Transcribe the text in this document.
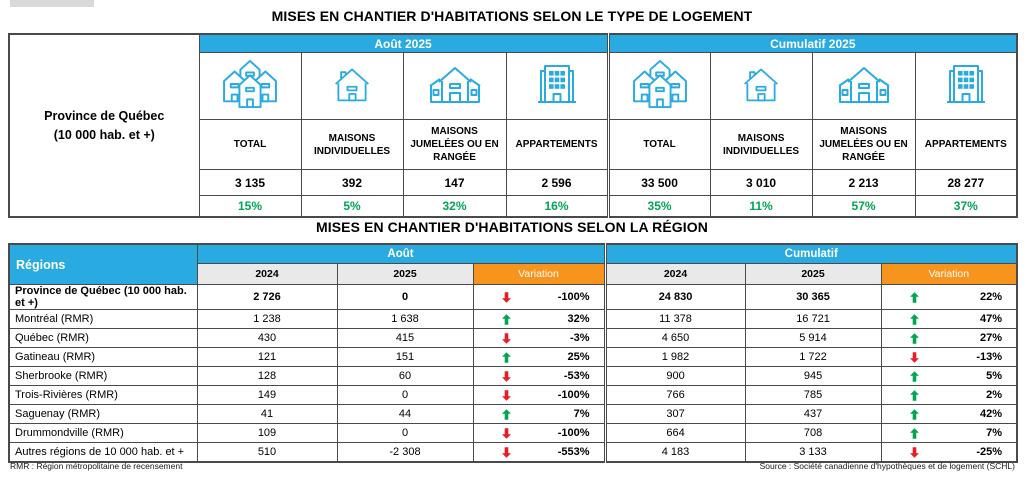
MISES EN CHANTIER D'HABITATIONS SELON LE TYPE DE LOGEMENT
Province de Québec
(10 000 hab. et +)	Août 2025				Cumulatif 2025			

	TOTAL	MAISONS INDIVIDUELLES	MAISONS JUMELÉES OU EN RANGÉE	APPARTEMENTS	TOTAL	MAISONS INDIVIDUELLES	MAISONS JUMELÉES OU EN RANGÉE	APPARTEMENTS
	3 135	392	147	2 596	33 500	3 010	2 213	28 277
	15%	5%	32%	16%	35%	11%	57%	37%
MISES EN CHANTIER D'HABITATIONS SELON LA RÉGION
Régions	Août			Cumulatif		
	2024	2025	Variation	2024	2025	Variation
Province de Québec (10 000 hab. et +)	2 726	0	-100%	24 830	30 365	22%

Montréal (RMR)	1 238	1 638	32%	11 378	16 721	47%

Québec (RMR)	430	415	-3%	4 650	5 914	27%

Gatineau (RMR)	121	151	25%	1 982	1 722	-13%

Sherbrooke (RMR)	128	60	-53%	900	945	5%

Trois-Rivières (RMR)	149	0	-100%	766	785	2%

Saguenay (RMR)	41	44	7%	307	437	42%

Drummondville (RMR)	109	0	-100%	664	708	7%

Autres régions de 10 000 hab. et +	510	-2 308	-553%	4 183	3 133	-25%
RMR : Région métropolitaine de recensement	Source : Société canadienne d'hypothèques et de logement (SCHL)
